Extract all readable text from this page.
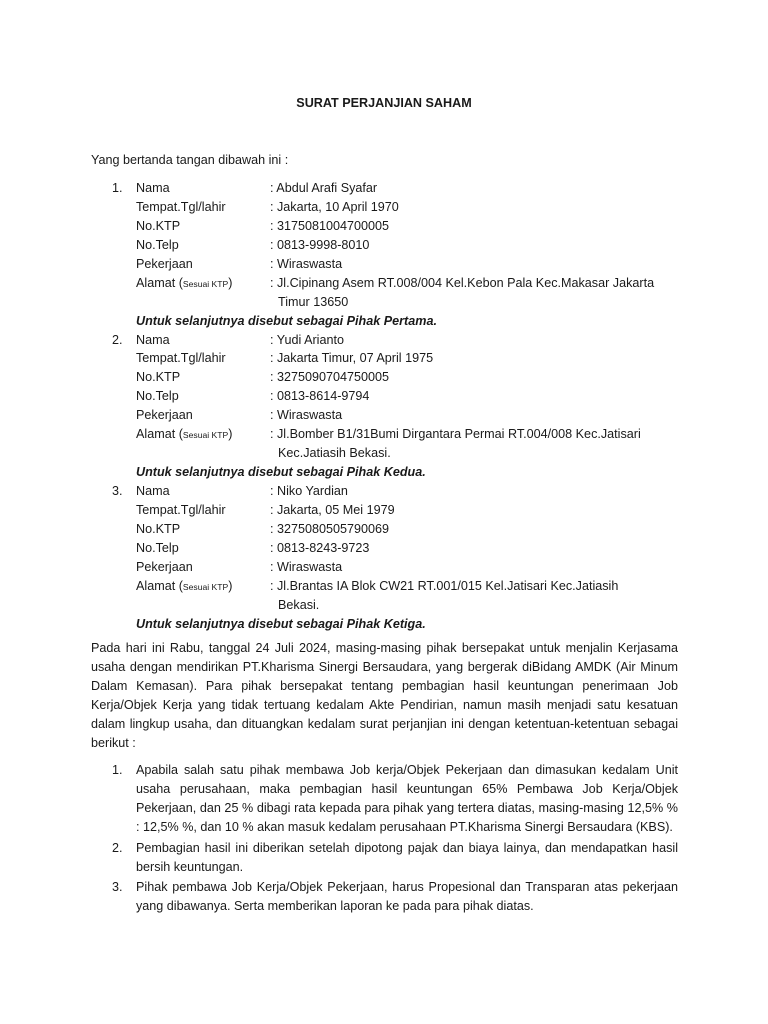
SURAT PERJANJIAN SAHAM
Yang bertanda tangan dibawah ini :
1. Nama	: Abdul Arafi Syafar
Tempat.Tgl/lahir	: Jakarta, 10 April 1970
No.KTP	: 3175081004700005
No.Telp	: 0813-9998-8010
Pekerjaan	: Wiraswasta
Alamat (Sesuai KTP)	: Jl.Cipinang Asem RT.008/004 Kel.Kebon Pala Kec.Makasar Jakarta
Timur 13650
Untuk selanjutnya disebut sebagai Pihak Pertama.
2. Nama	: Yudi Arianto
Tempat.Tgl/lahir	: Jakarta Timur, 07 April 1975
No.KTP	: 3275090704750005
No.Telp	: 0813-8614-9794
Pekerjaan	: Wiraswasta
Alamat (Sesuai KTP)	: Jl.Bomber B1/31Bumi Dirgantara Permai RT.004/008 Kec.Jatisari
Kec.Jatiasih Bekasi.
Untuk selanjutnya disebut sebagai Pihak Kedua.
3. Nama	: Niko Yardian
Tempat.Tgl/lahir	: Jakarta, 05 Mei 1979
No.KTP	: 3275080505790069
No.Telp	: 0813-8243-9723
Pekerjaan	: Wiraswasta
Alamat (Sesuai KTP)	: Jl.Brantas IA Blok CW21 RT.001/015 Kel.Jatisari Kec.Jatiasih
Bekasi.
Untuk selanjutnya disebut sebagai Pihak Ketiga.

Pada hari ini Rabu, tanggal 24 Juli 2024, masing-masing pihak bersepakat untuk menjalin Kerjasama usaha dengan mendirikan PT.Kharisma Sinergi Bersaudara, yang bergerak diBidang AMDK (Air Minum Dalam Kemasan). Para pihak bersepakat tentang pembagian hasil keuntungan penerimaan Job Kerja/Objek Kerja yang tidak tertuang kedalam Akte Pendirian, namun masih menjadi satu kesatuan dalam lingkup usaha, dan dituangkan kedalam surat perjanjian ini dengan ketentuan-ketentuan sebagai berikut :

1. Apabila salah satu pihak membawa Job kerja/Objek Pekerjaan dan dimasukan kedalam Unit usaha perusahaan, maka pembagian hasil keuntungan 65% Pembawa Job Kerja/Objek Pekerjaan, dan 25 % dibagi rata kepada para pihak yang tertera diatas, masing-masing 12,5% % : 12,5% %, dan 10 % akan masuk kedalam perusahaan PT.Kharisma Sinergi Bersaudara (KBS).
2. Pembagian hasil ini diberikan setelah dipotong pajak dan biaya lainya, dan mendapatkan hasil bersih keuntungan.
3. Pihak pembawa Job Kerja/Objek Pekerjaan, harus Propesional dan Transparan atas pekerjaan yang dibawanya. Serta memberikan laporan ke pada para pihak diatas.
